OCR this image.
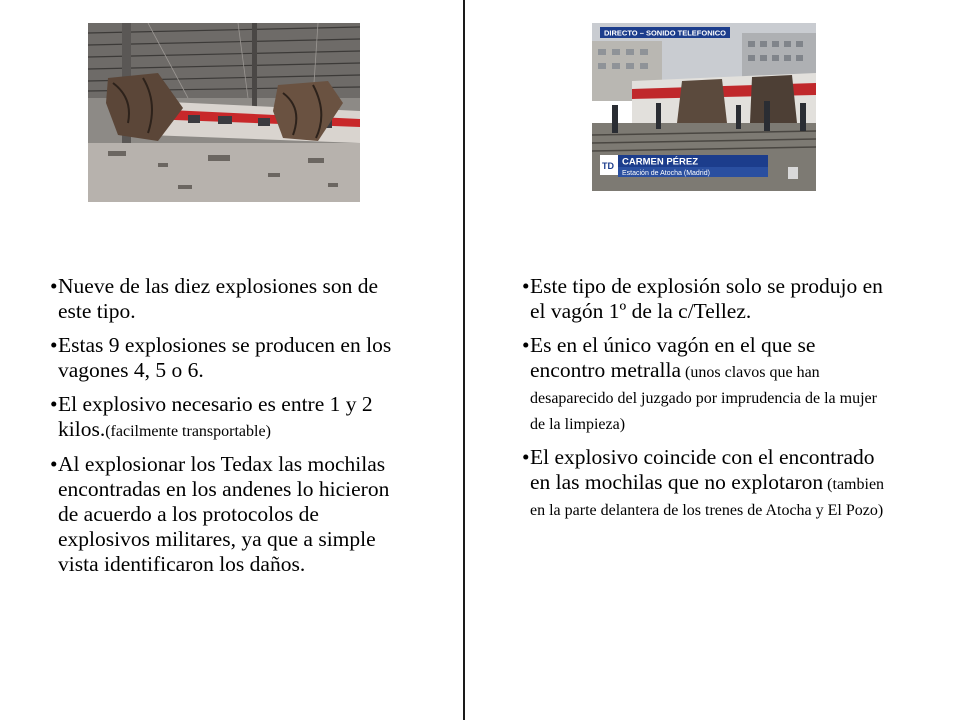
DIRECTO – SONIDO TELEFONICO
TD CARMEN PÉREZ
Estación de Atocha (Madrid)

•Nueve de las diez explosiones son de este tipo.

•Estas 9 explosiones se producen en los vagones 4, 5 o 6.

•El explosivo necesario es entre 1 y 2 kilos.(facilmente transportable)

•Al explosionar los Tedax las mochilas encontradas en los andenes lo hicieron de acuerdo a los protocolos de explosivos militares, ya que a simple vista identificaron los daños.

•Este tipo de explosión solo se produjo en el vagón 1º de la c/Tellez.

•Es en el único vagón en el que se encontro metralla (unos clavos que han desaparecido del juzgado por imprudencia de la mujer de la limpieza)

•El explosivo coincide con el encontrado en las mochilas que no explotaron (tambien en la parte delantera de los trenes de Atocha y El Pozo)
